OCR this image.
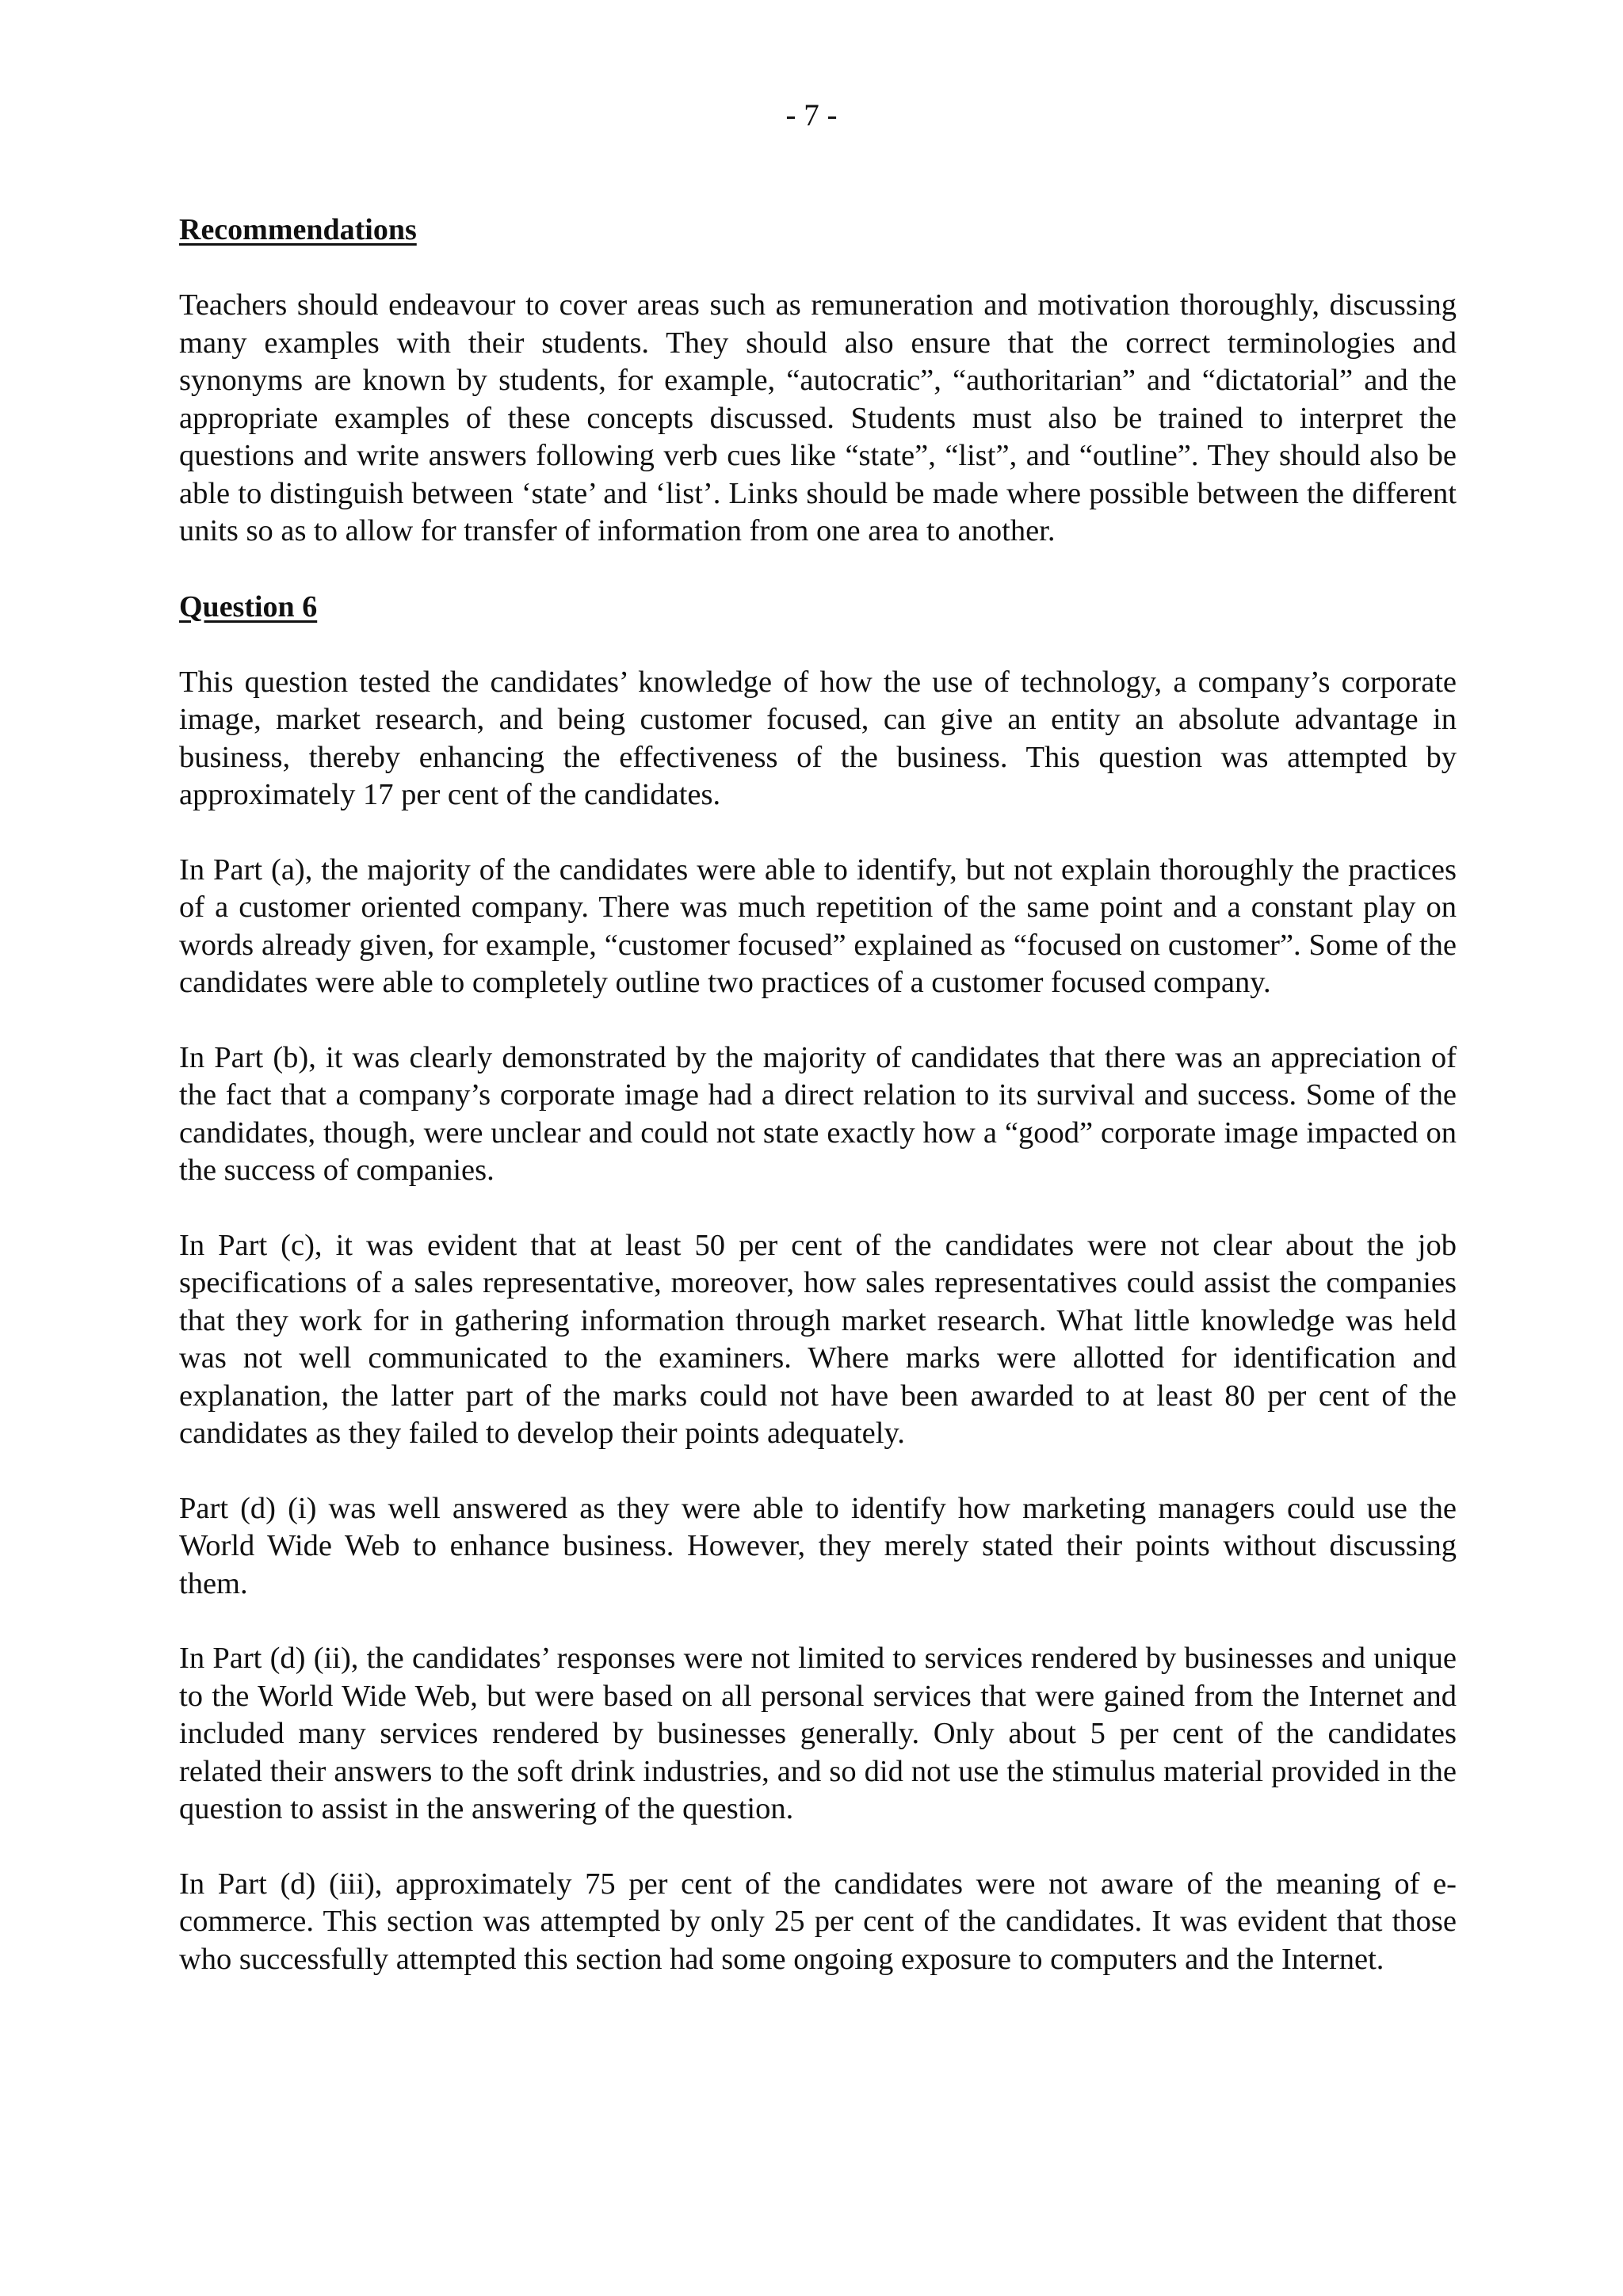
- 7 -
Recommendations

Teachers should endeavour to cover areas such as remuneration and motivation thoroughly, discussing many examples with their students. They should also ensure that the correct terminologies and synonyms are known by students, for example, “autocratic”, “authoritarian” and “dictatorial” and the appropriate examples of these concepts discussed. Students must also be trained to interpret the questions and write answers following verb cues like “state”, “list”, and “outline”. They should also be able to distinguish between ‘state’ and ‘list’. Links should be made where possible between the different units so as to allow for transfer of information from one area to another.

Question 6

This question tested the candidates’ knowledge of how the use of technology, a company’s corporate image, market research, and being customer focused, can give an entity an absolute advantage in business, thereby enhancing the effectiveness of the business. This question was attempted by approximately 17 per cent of the candidates.

In Part (a), the majority of the candidates were able to identify, but not explain thoroughly the practices of a customer oriented company. There was much repetition of the same point and a constant play on words already given, for example, “customer focused” explained as “focused on customer”. Some of the candidates were able to completely outline two practices of a customer focused company.

In Part (b), it was clearly demonstrated by the majority of candidates that there was an appreciation of the fact that a company’s corporate image had a direct relation to its survival and success. Some of the candidates, though, were unclear and could not state exactly how a “good” corporate image impacted on the success of companies.

In Part (c), it was evident that at least 50 per cent of the candidates were not clear about the job specifications of a sales representative, moreover, how sales representatives could assist the companies that they work for in gathering information through market research. What little knowledge was held was not well communicated to the examiners. Where marks were allotted for identification and explanation, the latter part of the marks could not have been awarded to at least 80 per cent of the candidates as they failed to develop their points adequately.

Part (d) (i) was well answered as they were able to identify how marketing managers could use the World Wide Web to enhance business. However, they merely stated their points without discussing them.

In Part (d) (ii), the candidates’ responses were not limited to services rendered by businesses and unique to the World Wide Web, but were based on all personal services that were gained from the Internet and included many services rendered by businesses generally. Only about 5 per cent of the candidates related their answers to the soft drink industries, and so did not use the stimulus material provided in the question to assist in the answering of the question.

In Part (d) (iii), approximately 75 per cent of the candidates were not aware of the meaning of e-commerce. This section was attempted by only 25 per cent of the candidates. It was evident that those who successfully attempted this section had some ongoing exposure to computers and the Internet.
